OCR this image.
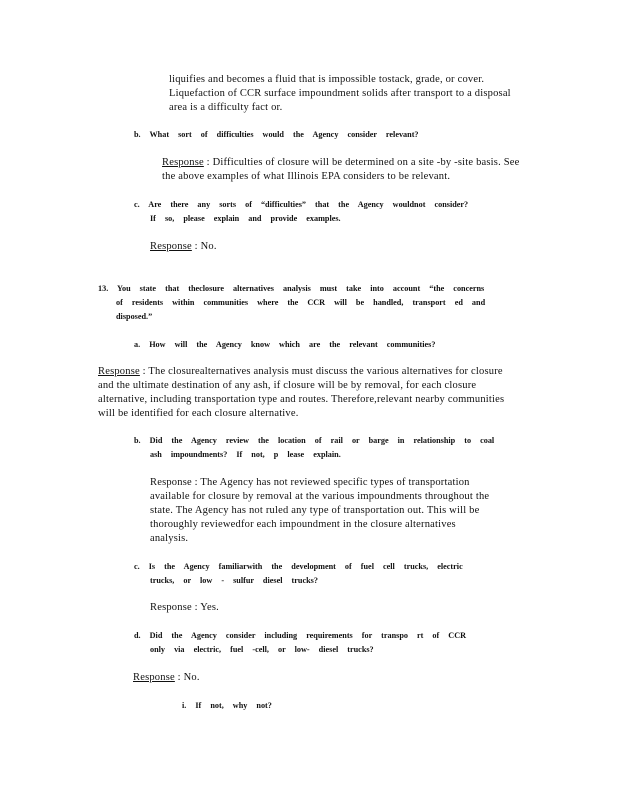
liquifies and becomes a fluid that is impossible tostack, grade, or cover.
Liquefaction of CCR surface impoundment solids after transport to a disposal
area is a difficulty fact or.
b. What sort of difficulties would the Agency consider relevant?
Response : Difficulties of closure will be determined on a site -by -site basis. See
the above examples of what Illinois EPA considers to be relevant.
c. Are there any sorts of “difficulties” that the Agency wouldnot consider?
If so, please explain and provide examples.
Response : No.
13. You state that theclosure alternatives analysis must take into account “the concerns
of residents within communities where the CCR will be handled, transport ed and
disposed.”
a. How will the Agency know which are the relevant communities?
Response : The closurealternatives analysis must discuss the various alternatives for closure
and the ultimate destination of any ash, if closure will be by removal, for each closure
alternative, including transportation type and routes. Therefore,relevant nearby communities
will be identified for each closure alternative.
b. Did the Agency review the location of rail or barge in relationship to coal
ash impoundments? If not, p lease explain.
Response : The Agency has not reviewed specific types of transportation
available for closure by removal at the various impoundments throughout the
state. The Agency has not ruled any type of transportation out. This will be
thoroughly reviewedfor each impoundment in the closure alternatives
analysis.
c. Is the Agency familiarwith the development of fuel cell trucks, electric
trucks, or low - sulfur diesel trucks?
Response : Yes.
d. Did the Agency consider including requirements for transpo rt of CCR
only via electric, fuel -cell, or low- diesel trucks?
Response : No.
i. If not, why not?
